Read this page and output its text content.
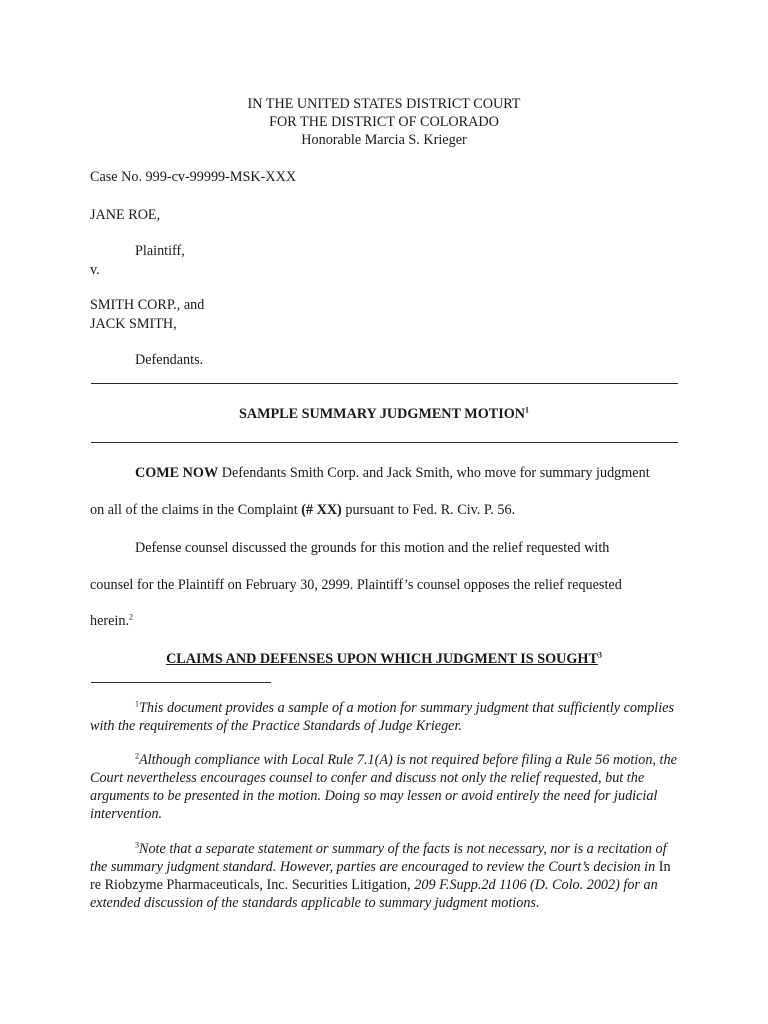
IN THE UNITED STATES DISTRICT COURT
FOR THE DISTRICT OF COLORADO
Honorable Marcia S. Krieger
Case No. 999-cv-99999-MSK-XXX
JANE ROE,
Plaintiff,
v.
SMITH CORP., and
JACK SMITH,
Defendants.
SAMPLE SUMMARY JUDGMENT MOTION$^1$
COME NOW Defendants Smith Corp. and Jack Smith, who move for summary judgment
on all of the claims in the Complaint (# XX) pursuant to Fed. R. Civ. P. 56.
Defense counsel discussed the grounds for this motion and the relief requested with
counsel for the Plaintiff on February 30, 2999. Plaintiff’s counsel opposes the relief requested
herein.$^2$
CLAIMS AND DEFENSES UPON WHICH JUDGMENT IS SOUGHT$^3$
$^1$This document provides a sample of a motion for summary judgment that sufficiently complies with the requirements of the Practice Standards of Judge Krieger.
$^2$Although compliance with Local Rule 7.1(A) is not required before filing a Rule 56 motion, the Court nevertheless encourages counsel to confer and discuss not only the relief requested, but the arguments to be presented in the motion. Doing so may lessen or avoid entirely the need for judicial intervention.
$^3$Note that a separate statement or summary of the facts is not necessary, nor is a recitation of the summary judgment standard. However, parties are encouraged to review the Court’s decision in In re Riobzyme Pharmaceuticals, Inc. Securities Litigation, 209 F.Supp.2d 1106 (D. Colo. 2002) for an extended discussion of the standards applicable to summary judgment motions.
